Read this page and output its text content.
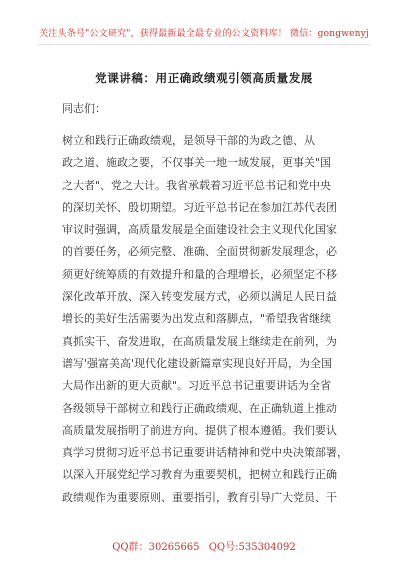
关注头条号"公文研究"，获得最新最全最专业的公文资料库！ 微信：gongwenyj
党课讲稿：用正确政绩观引领高质量发展
同志们：
树立和践行正确政绩观，是领导干部的为政之德、从
政之道、施政之要，不仅事关一地一域发展，更事关"国
之大者"、党之大计。我省承载着习近平总书记和党中央
的深切关怀、殷切期望。习近平总书记在参加江苏代表团
审议时强调，高质量发展是全面建设社会主义现代化国家
的首要任务，必须完整、准确、全面贯彻新发展理念，必
须更好统筹质的有效提升和量的合理增长，必须坚定不移
深化改革开放、深入转变发展方式，必须以满足人民日益
增长的美好生活需要为出发点和落脚点，"希望我省继续
真抓实干、奋发进取，在高质量发展上继续走在前列，为
谱写'强富美高'现代化建设新篇章实现良好开局，为全国
大局作出新的更大贡献"。习近平总书记重要讲话为全省
各级领导干部树立和践行正确政绩观、在正确轨道上推动
高质量发展指明了前进方向、提供了根本遵循。我们要认
真学习贯彻习近平总书记重要讲话精神和党中央决策部署，
以深入开展党纪学习教育为重要契机，把树立和践行正确
政绩观作为重要原则、重要指引，教育引导广大党员、干
QQ群：30265665 QQ号:535304092
